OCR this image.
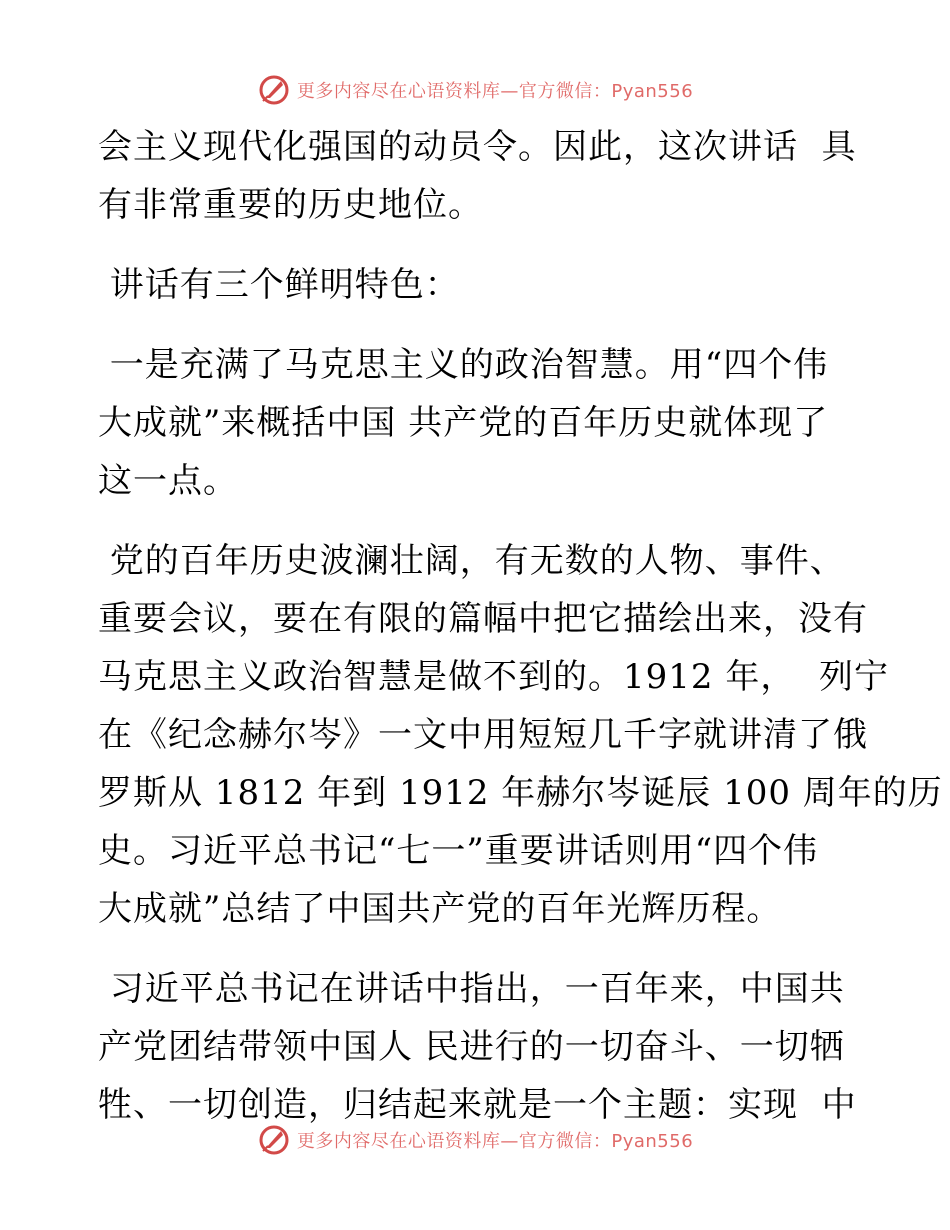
更多内容尽在心语资料库—官方微信：Pyan556
会主义现代化强国的动员令。因此，这次讲话  具
有非常重要的历史地位。
讲话有三个鲜明特色：
一是充满了马克思主义的政治智慧。用“四个伟
大成就”来概括中国 共产党的百年历史就体现了
这一点。
党的百年历史波澜壮阔，有无数的人物、事件、
重要会议，要在有限的篇幅中把它描绘出来，没有
马克思主义政治智慧是做不到的。1912 年，  列宁
在《纪念赫尔岑》一文中用短短几千字就讲清了俄
罗斯从 1812 年到 1912 年赫尔岑诞辰 100 周年的历
史。习近平总书记“七一”重要讲话则用“四个伟
大成就”总结了中国共产党的百年光辉历程。
习近平总书记在讲话中指出，一百年来，中国共
产党团结带领中国人 民进行的一切奋斗、一切牺
牲、一切创造，归结起来就是一个主题：实现  中
更多内容尽在心语资料库—官方微信：Pyan556
